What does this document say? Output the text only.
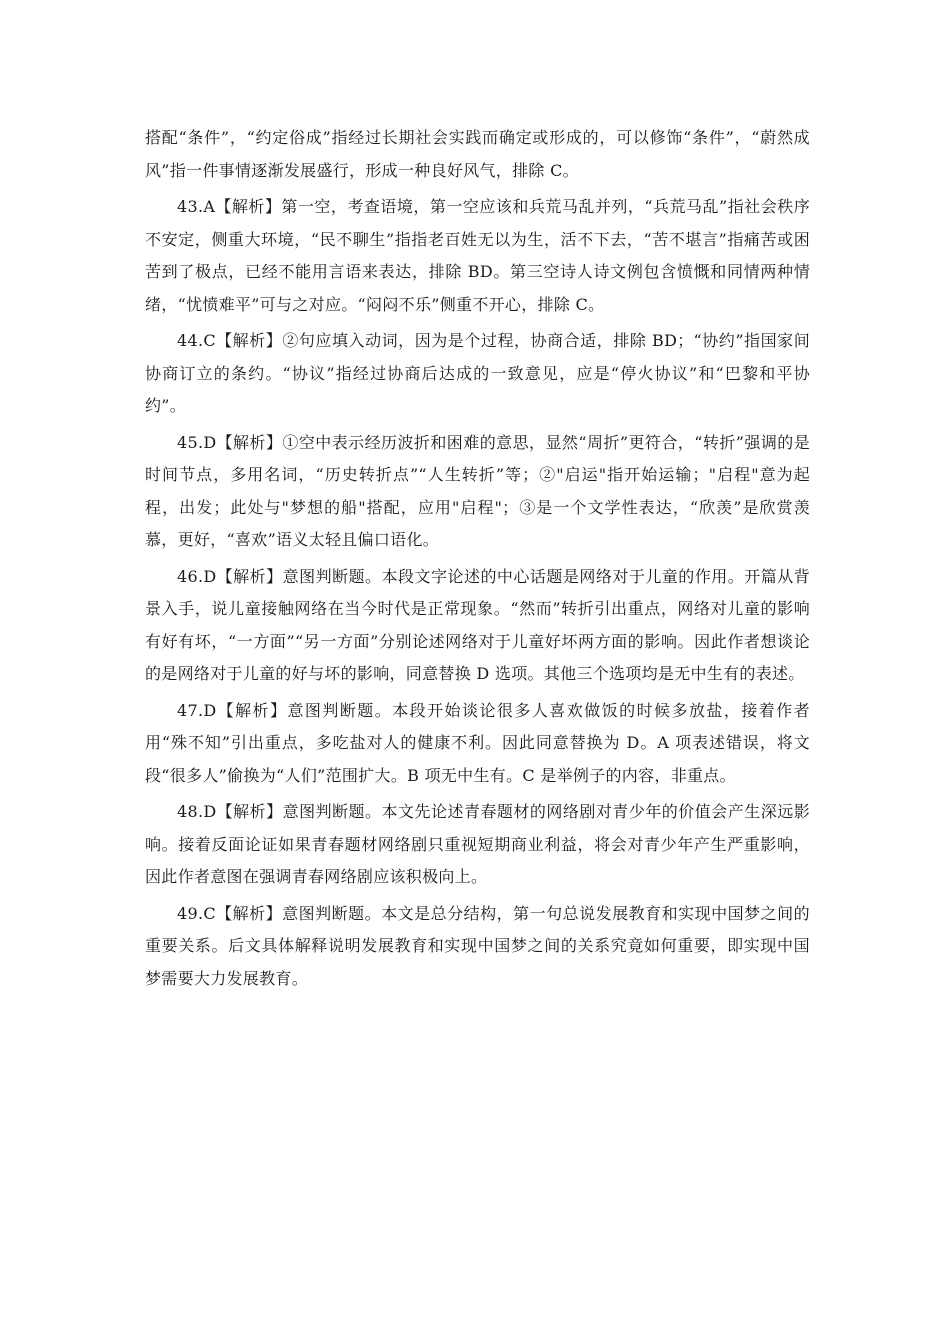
搭配“条件”，“约定俗成”指经过长期社会实践而确定或形成的，可以修饰“条件”，“蔚然成风”指一件事情逐渐发展盛行，形成一种良好风气，排除 C。

43.A【解析】第一空，考查语境，第一空应该和兵荒马乱并列，“兵荒马乱”指社会秩序不安定，侧重大环境，“民不聊生”指指老百姓无以为生，活不下去，“苦不堪言”指痛苦或困苦到了极点，已经不能用言语来表达，排除 BD。第三空诗人诗文例包含愤慨和同情两种情绪，“忧愤难平”可与之对应。“闷闷不乐”侧重不开心，排除 C。

44.C【解析】②句应填入动词，因为是个过程，协商合适，排除 BD；“协约”指国家间协商订立的条约。“协议”指经过协商后达成的一致意见，应是“停火协议”和“巴黎和平协约”。

45.D【解析】①空中表示经历波折和困难的意思，显然“周折”更符合，“转折”强调的是时间节点，多用名词，“历史转折点”“人生转折”等；②"启运"指开始运输；"启程"意为起程，出发；此处与"梦想的船"搭配，应用"启程"；③是一个文学性表达，“欣羡”是欣赏羡慕，更好，“喜欢”语义太轻且偏口语化。

46.D【解析】意图判断题。本段文字论述的中心话题是网络对于儿童的作用。开篇从背景入手，说儿童接触网络在当今时代是正常现象。“然而”转折引出重点，网络对儿童的影响有好有坏，“一方面”“另一方面”分别论述网络对于儿童好坏两方面的影响。因此作者想谈论的是网络对于儿童的好与坏的影响，同意替换 D 选项。其他三个选项均是无中生有的表述。

47.D【解析】意图判断题。本段开始谈论很多人喜欢做饭的时候多放盐，接着作者用“殊不知”引出重点，多吃盐对人的健康不利。因此同意替换为 D。A 项表述错误，将文段“很多人”偷换为“人们”范围扩大。B 项无中生有。C 是举例子的内容，非重点。

48.D【解析】意图判断题。本文先论述青春题材的网络剧对青少年的价值会产生深远影响。接着反面论证如果青春题材网络剧只重视短期商业利益，将会对青少年产生严重影响，因此作者意图在强调青春网络剧应该积极向上。

49.C【解析】意图判断题。本文是总分结构，第一句总说发展教育和实现中国梦之间的重要关系。后文具体解释说明发展教育和实现中国梦之间的关系究竟如何重要，即实现中国梦需要大力发展教育。
